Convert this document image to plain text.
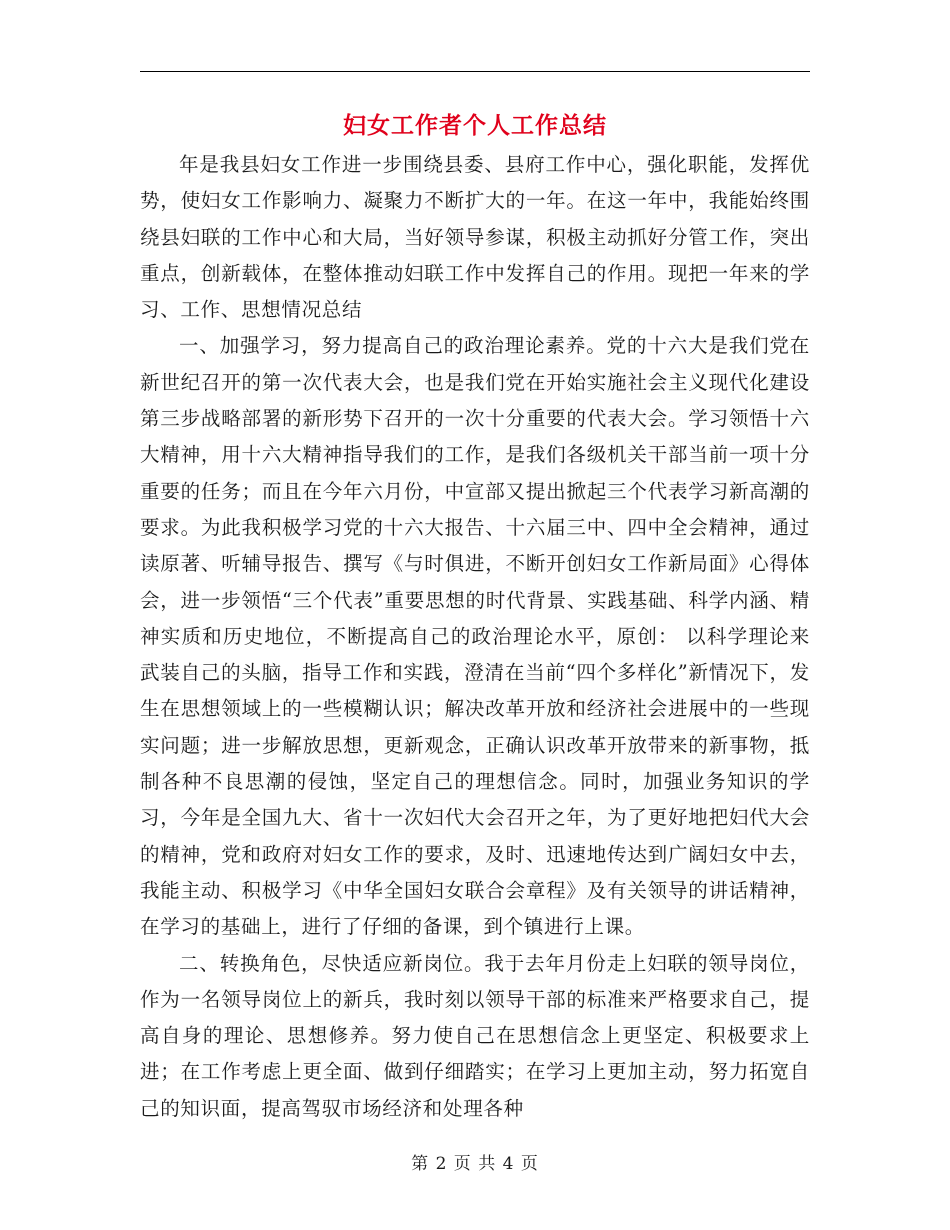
妇女工作者个人工作总结

年是我县妇女工作进一步围绕县委、县府工作中心，强化职能，发挥优势，使妇女工作影响力、凝聚力不断扩大的一年。在这一年中，我能始终围绕县妇联的工作中心和大局，当好领导参谋，积极主动抓好分管工作，突出重点，创新载体，在整体推动妇联工作中发挥自己的作用。现把一年来的学习、工作、思想情况总结

一、加强学习，努力提高自己的政治理论素养。党的十六大是我们党在新世纪召开的第一次代表大会，也是我们党在开始实施社会主义现代化建设第三步战略部署的新形势下召开的一次十分重要的代表大会。学习领悟十六大精神，用十六大精神指导我们的工作，是我们各级机关干部当前一项十分重要的任务；而且在今年六月份，中宣部又提出掀起三个代表学习新高潮的要求。为此我积极学习党的十六大报告、十六届三中、四中全会精神，通过读原著、听辅导报告、撰写《与时俱进，不断开创妇女工作新局面》心得体会，进一步领悟“三个代表”重要思想的时代背景、实践基础、科学内涵、精神实质和历史地位，不断提高自己的政治理论水平，原创： 以科学理论来武装自己的头脑，指导工作和实践，澄清在当前“四个多样化”新情况下，发生在思想领域上的一些模糊认识；解决改革开放和经济社会进展中的一些现实问题；进一步解放思想，更新观念，正确认识改革开放带来的新事物，抵制各种不良思潮的侵蚀，坚定自己的理想信念。同时，加强业务知识的学习，今年是全国九大、省十一次妇代大会召开之年，为了更好地把妇代大会的精神，党和政府对妇女工作的要求，及时、迅速地传达到广阔妇女中去，我能主动、积极学习《中华全国妇女联合会章程》及有关领导的讲话精神，在学习的基础上，进行了仔细的备课，到个镇进行上课。

二、转换角色，尽快适应新岗位。我于去年月份走上妇联的领导岗位，作为一名领导岗位上的新兵，我时刻以领导干部的标准来严格要求自己，提高自身的理论、思想修养。努力使自己在思想信念上更坚定、积极要求上进；在工作考虑上更全面、做到仔细踏实；在学习上更加主动，努力拓宽自己的知识面，提高驾驭市场经济和处理各种

第 2 页 共 4 页
